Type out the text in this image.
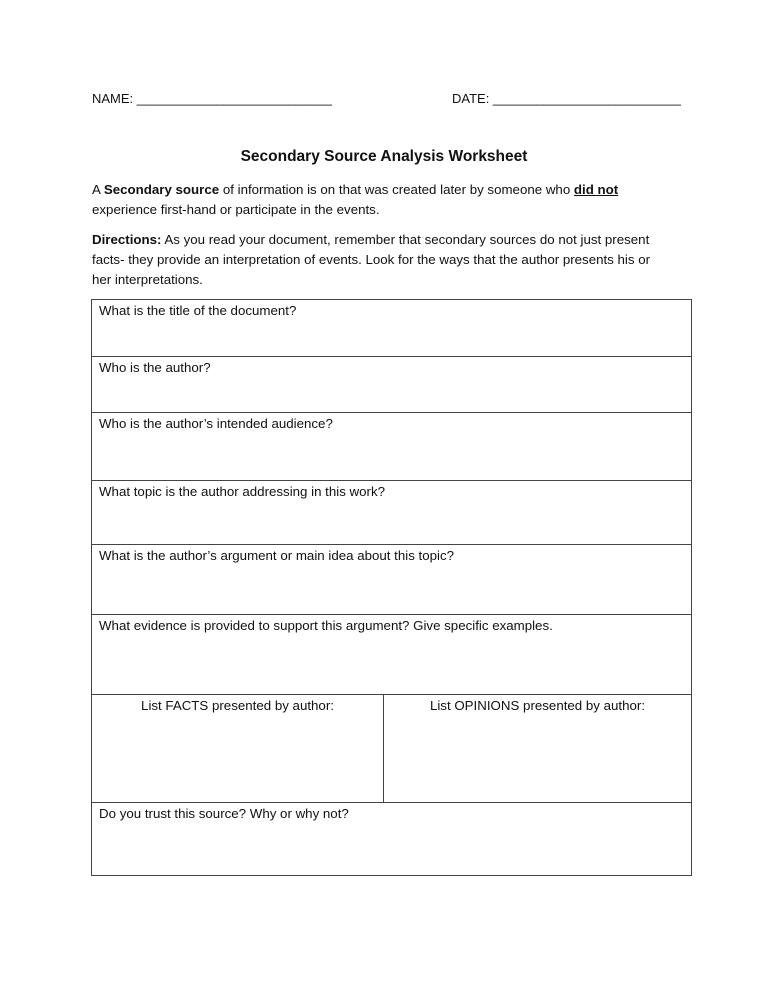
NAME: ___________________________	DATE: __________________________
Secondary Source Analysis Worksheet
A Secondary source of information is on that was created later by someone who did not experience first-hand or participate in the events.
Directions: As you read your document, remember that secondary sources do not just present facts- they provide an interpretation of events. Look for the ways that the author presents his or her interpretations.
What is the title of the document?
Who is the author?
Who is the author’s intended audience?
What topic is the author addressing in this work?
What is the author’s argument or main idea about this topic?
What evidence is provided to support this argument? Give specific examples.
List FACTS presented by author:	List OPINIONS presented by author:
Do you trust this source? Why or why not?
